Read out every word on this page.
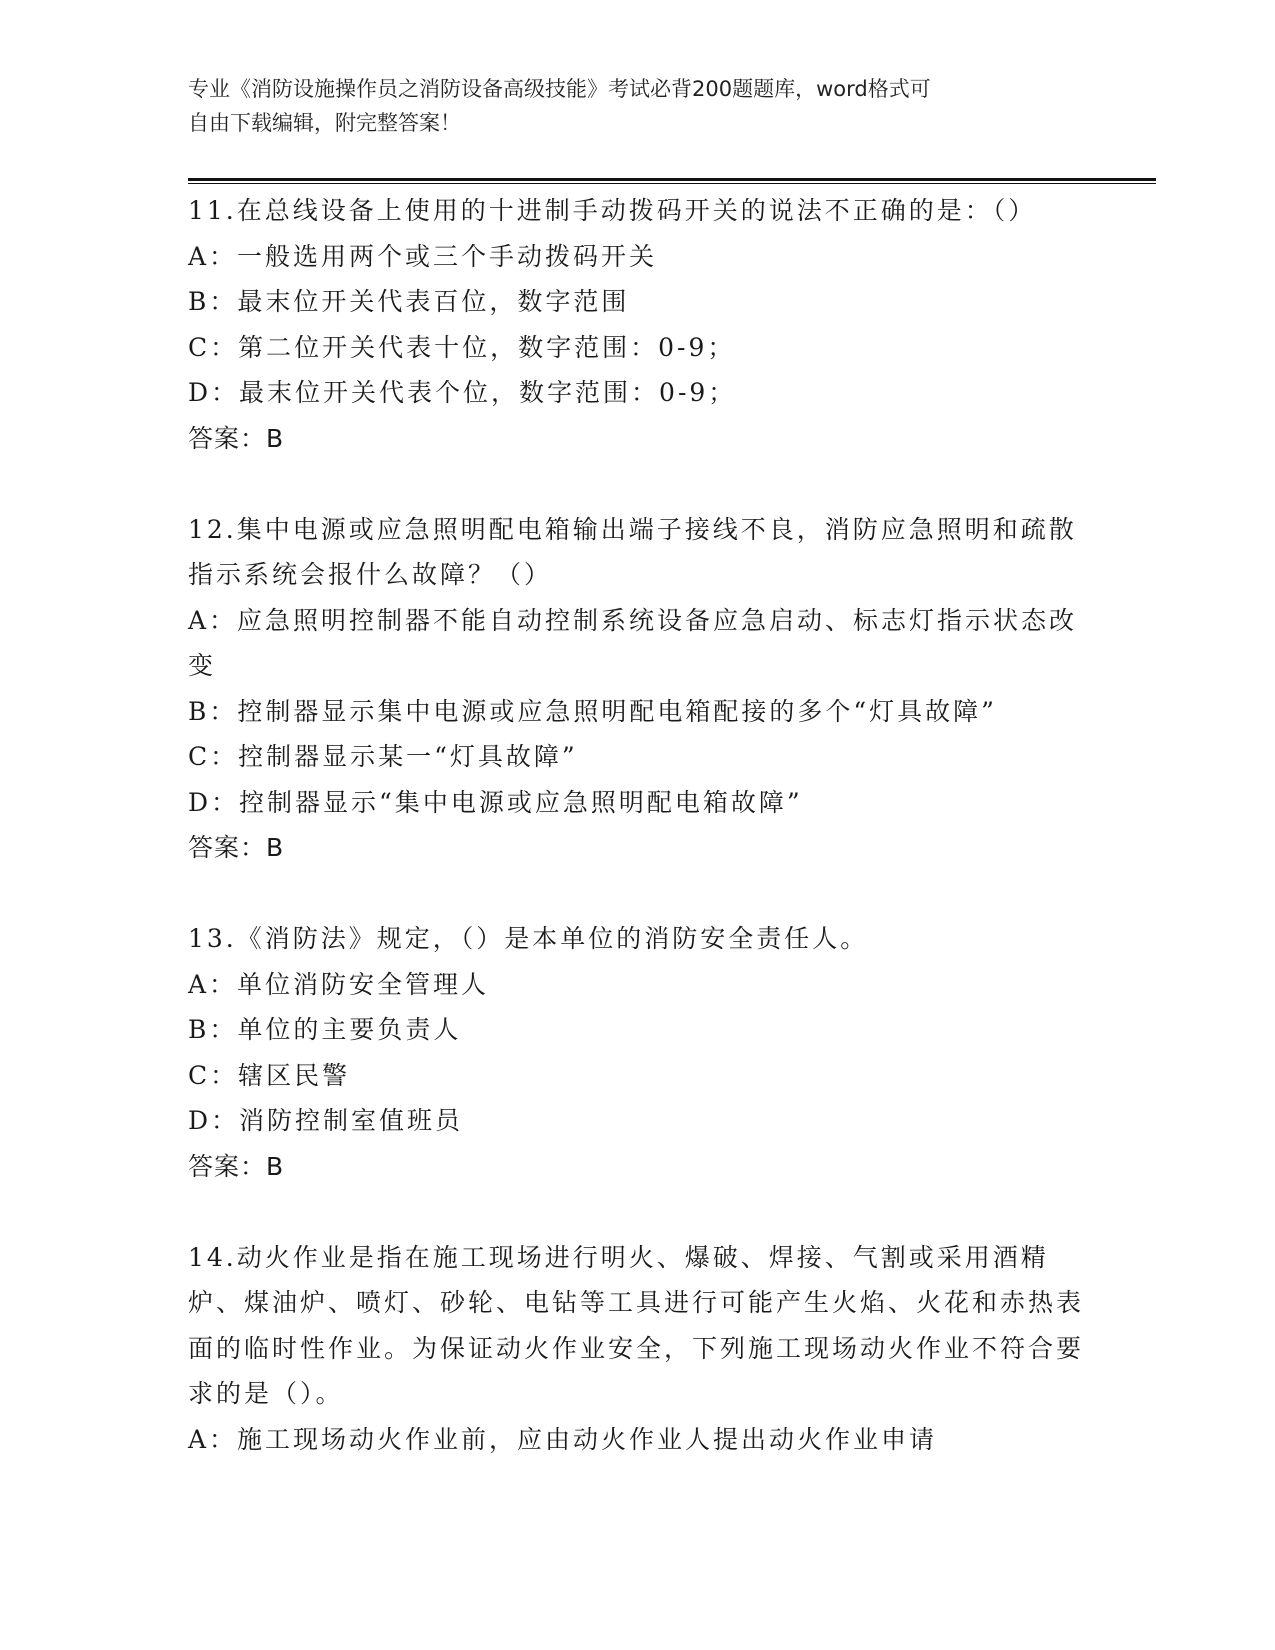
专业《消防设施操作员之消防设备高级技能》考试必背200题题库，word格式可
自由下载编辑，附完整答案！

11.在总线设备上使用的十进制手动拨码开关的说法不正确的是：（）

A：一般选用两个或三个手动拨码开关

B：最末位开关代表百位，数字范围

C：第二位开关代表十位，数字范围：0-9；

D：最末位开关代表个位，数字范围：0-9；

答案：B

12.集中电源或应急照明配电箱输出端子接线不良，消防应急照明和疏散指示系统会报什么故障？（）

A：应急照明控制器不能自动控制系统设备应急启动、标志灯指示状态改变

B：控制器显示集中电源或应急照明配电箱配接的多个“灯具故障”

C：控制器显示某一“灯具故障”

D：控制器显示“集中电源或应急照明配电箱故障”

答案：B

13.《消防法》规定，（）是本单位的消防安全责任人。

A：单位消防安全管理人

B：单位的主要负责人

C：辖区民警

D：消防控制室值班员

答案：B

14.动火作业是指在施工现场进行明火、爆破、焊接、气割或采用酒精炉、煤油炉、喷灯、砂轮、电钻等工具进行可能产生火焰、火花和赤热表面的临时性作业。为保证动火作业安全，下列施工现场动火作业不符合要求的是（）。

A：施工现场动火作业前，应由动火作业人提出动火作业申请
